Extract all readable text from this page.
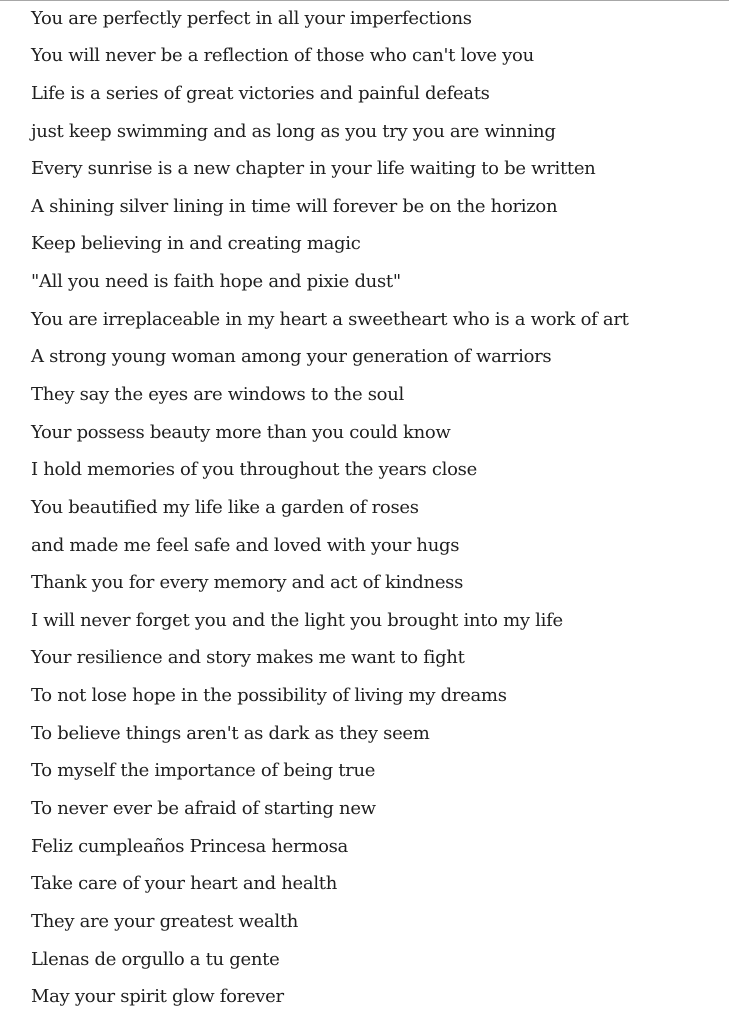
You are perfectly perfect in all your imperfections
You will never be a reflection of those who can't love you
Life is a series of great victories and painful defeats
just keep swimming and as long as you try you are winning
Every sunrise is a new chapter in your life waiting to be written
A shining silver lining in time will forever be on the horizon
Keep believing in and creating magic
"All you need is faith hope and pixie dust"
You are irreplaceable in my heart a sweetheart who is a work of art
A strong young woman among your generation of warriors
They say the eyes are windows to the soul
Your possess beauty more than you could know
I hold memories of you throughout the years close
You beautified my life like a garden of roses
and made me feel safe and loved with your hugs
Thank you for every memory and act of kindness
I will never forget you and the light you brought into my life
Your resilience and story makes me want to fight
To not lose hope in the possibility of living my dreams
To believe things aren't as dark as they seem
To myself the importance of being true
To never ever be afraid of starting new
Feliz cumpleaños Princesa hermosa
Take care of your heart and health
They are your greatest wealth
Llenas de orgullo a tu gente
May your spirit glow forever
